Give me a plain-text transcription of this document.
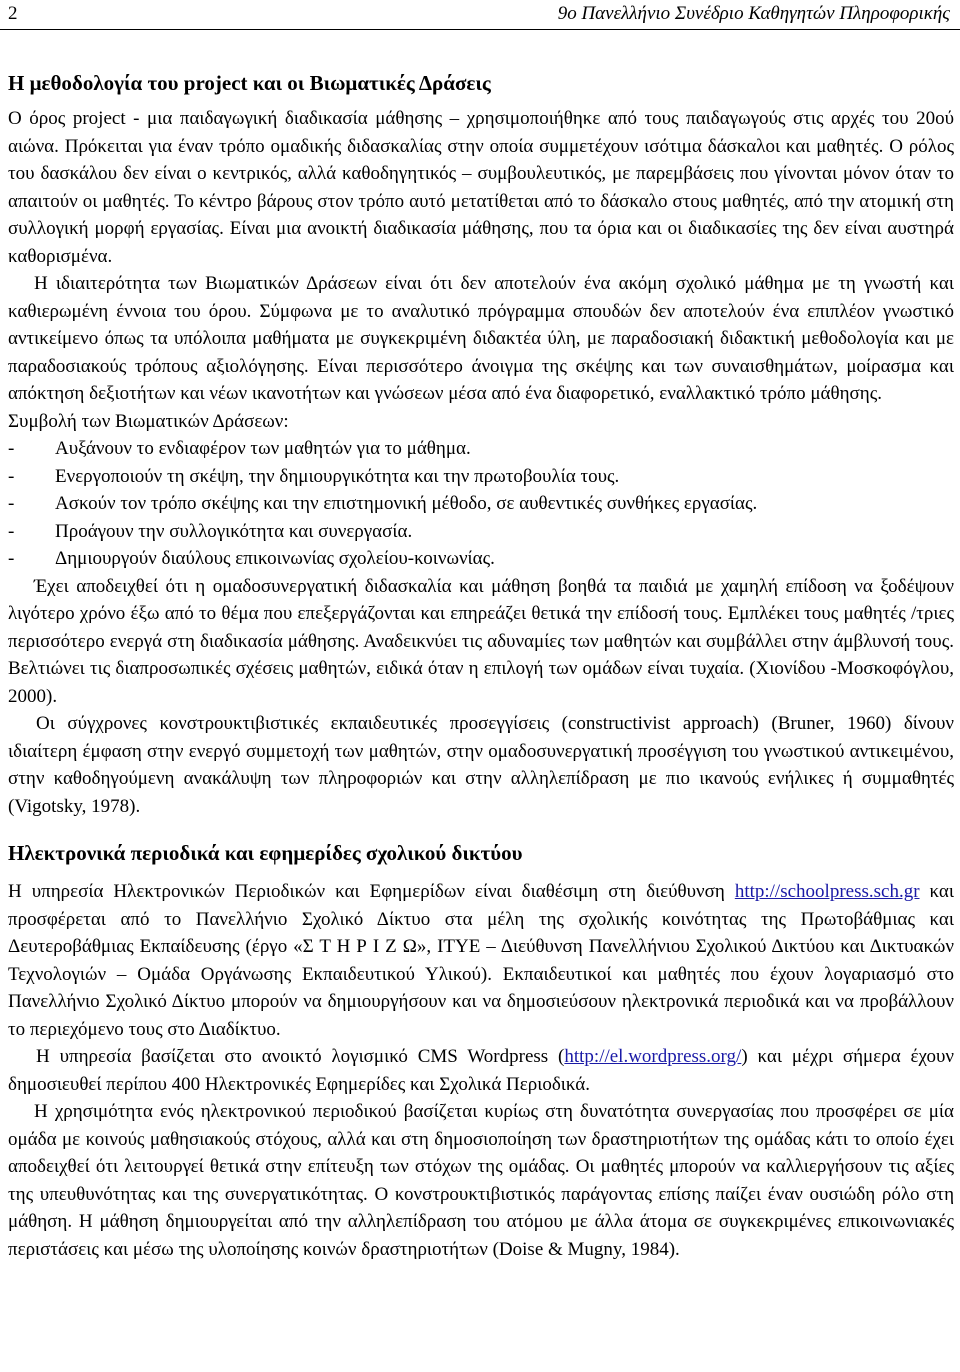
2	9ο Πανελλήνιο Συνέδριο Καθηγητών Πληροφορικής
Η μεθοδολογία του project και οι Βιωματικές Δράσεις

Ο όρος project - μια παιδαγωγική διαδικασία μάθησης – χρησιμοποιήθηκε από τους παιδαγωγούς στις αρχές του 20ού αιώνα. Πρόκειται για έναν τρόπο ομαδικής διδασκαλίας στην οποία συμμετέχουν ισότιμα δάσκαλοι και μαθητές. Ο ρόλος του δασκάλου δεν είναι ο κεντρικός, αλλά καθοδηγητικός – συμβουλευτικός, με παρεμβάσεις που γίνονται μόνον όταν το απαιτούν οι μαθητές. Το κέντρο βάρους στον τρόπο αυτό μετατίθεται από το δάσκαλο στους μαθητές, από την ατομική στη συλλογική μορφή εργασίας. Είναι μια ανοικτή διαδικασία μάθησης, που τα όρια και οι διαδικασίες της δεν είναι αυστηρά καθορισμένα.

Η ιδιαιτερότητα των Βιωματικών Δράσεων είναι ότι δεν αποτελούν ένα ακόμη σχολικό μάθημα με τη γνωστή και καθιερωμένη έννοια του όρου. Σύμφωνα με το αναλυτικό πρόγραμμα σπουδών δεν αποτελούν ένα επιπλέον γνωστικό αντικείμενο όπως τα υπόλοιπα μαθήματα με συγκεκριμένη διδακτέα ύλη, με παραδοσιακή διδακτική μεθοδολογία και με παραδοσιακούς τρόπους αξιολόγησης. Είναι περισσότερο άνοιγμα της σκέψης και των συναισθημάτων, μοίρασμα και απόκτηση δεξιοτήτων και νέων ικανοτήτων και γνώσεων μέσα από ένα διαφορετικό, εναλλακτικό τρόπο μάθησης.

Συμβολή των Βιωματικών Δράσεων:

- Αυξάνουν το ενδιαφέρον των μαθητών για το μάθημα.
- Ενεργοποιούν τη σκέψη, την δημιουργικότητα και την πρωτοβουλία τους.
- Ασκούν τον τρόπο σκέψης και την επιστημονική μέθοδο, σε αυθεντικές συνθήκες εργασίας.
- Προάγουν την συλλογικότητα και συνεργασία.
- Δημιουργούν διαύλους επικοινωνίας σχολείου-κοινωνίας.

Έχει αποδειχθεί ότι η ομαδοσυνεργατική διδασκαλία και μάθηση βοηθά τα παιδιά με χαμηλή επίδοση να ξοδέψουν λιγότερο χρόνο έξω από το θέμα που επεξεργάζονται και επηρεάζει θετικά την επίδοσή τους. Εμπλέκει τους μαθητές /τριες περισσότερο ενεργά στη διαδικασία μάθησης. Αναδεικνύει τις αδυναμίες των μαθητών και συμβάλλει στην άμβλυνσή τους. Βελτιώνει τις διαπροσωπικές σχέσεις μαθητών, ειδικά όταν η επιλογή των ομάδων είναι τυχαία. (Χιονίδου -Μοσκοφόγλου, 2000).

Οι σύγχρονες κονστρουκτιβιστικές εκπαιδευτικές προσεγγίσεις (constructivist approach) (Bruner, 1960) δίνουν ιδιαίτερη έμφαση στην ενεργό συμμετοχή των μαθητών, στην ομαδοσυνεργατική προσέγγιση του γνωστικού αντικειμένου, στην καθοδηγούμενη ανακάλυψη των πληροφοριών και στην αλληλεπίδραση με πιο ικανούς ενήλικες ή συμμαθητές (Vigotsky, 1978).

Ηλεκτρονικά περιοδικά και εφημερίδες σχολικού δικτύου

Η υπηρεσία Ηλεκτρονικών Περιοδικών και Εφημερίδων είναι διαθέσιμη στη διεύθυνση http://schoolpress.sch.gr και προσφέρεται από το Πανελλήνιο Σχολικό Δίκτυο στα μέλη της σχολικής κοινότητας της Πρωτοβάθμιας και Δευτεροβάθμιας Εκπαίδευσης (έργο «Σ Τ Η Ρ Ι Ζ Ω», ΙΤΥΕ – Διεύθυνση Πανελλήνιου Σχολικού Δικτύου και Δικτυακών Τεχνολογιών – Ομάδα Οργάνωσης Εκπαιδευτικού Υλικού). Εκπαιδευτικοί και μαθητές που έχουν λογαριασμό στο Πανελλήνιο Σχολικό Δίκτυο μπορούν να δημιουργήσουν και να δημοσιεύσουν ηλεκτρονικά περιοδικά και να προβάλλουν το περιεχόμενο τους στο Διαδίκτυο.

Η υπηρεσία βασίζεται στο ανοικτό λογισμικό CMS Wordpress (http://el.wordpress.org/) και μέχρι σήμερα έχουν δημοσιευθεί περίπου 400 Ηλεκτρονικές Εφημερίδες και Σχολικά Περιοδικά.

Η χρησιμότητα ενός ηλεκτρονικού περιοδικού βασίζεται κυρίως στη δυνατότητα συνεργασίας που προσφέρει σε μία ομάδα με κοινούς μαθησιακούς στόχους, αλλά και στη δημοσιοποίηση των δραστηριοτήτων της ομάδας κάτι το οποίο έχει αποδειχθεί ότι λειτουργεί θετικά στην επίτευξη των στόχων της ομάδας. Οι μαθητές μπορούν να καλλιεργήσουν τις αξίες της υπευθυνότητας και της συνεργατικότητας. Ο κονστρουκτιβιστικός παράγοντας επίσης παίζει έναν ουσιώδη ρόλο στη μάθηση. Η μάθηση δημιουργείται από την αλληλεπίδραση του ατόμου με άλλα άτομα σε συγκεκριμένες επικοινωνιακές περιστάσεις και μέσω της υλοποίησης κοινών δραστηριοτήτων (Doise & Mugny, 1984).
